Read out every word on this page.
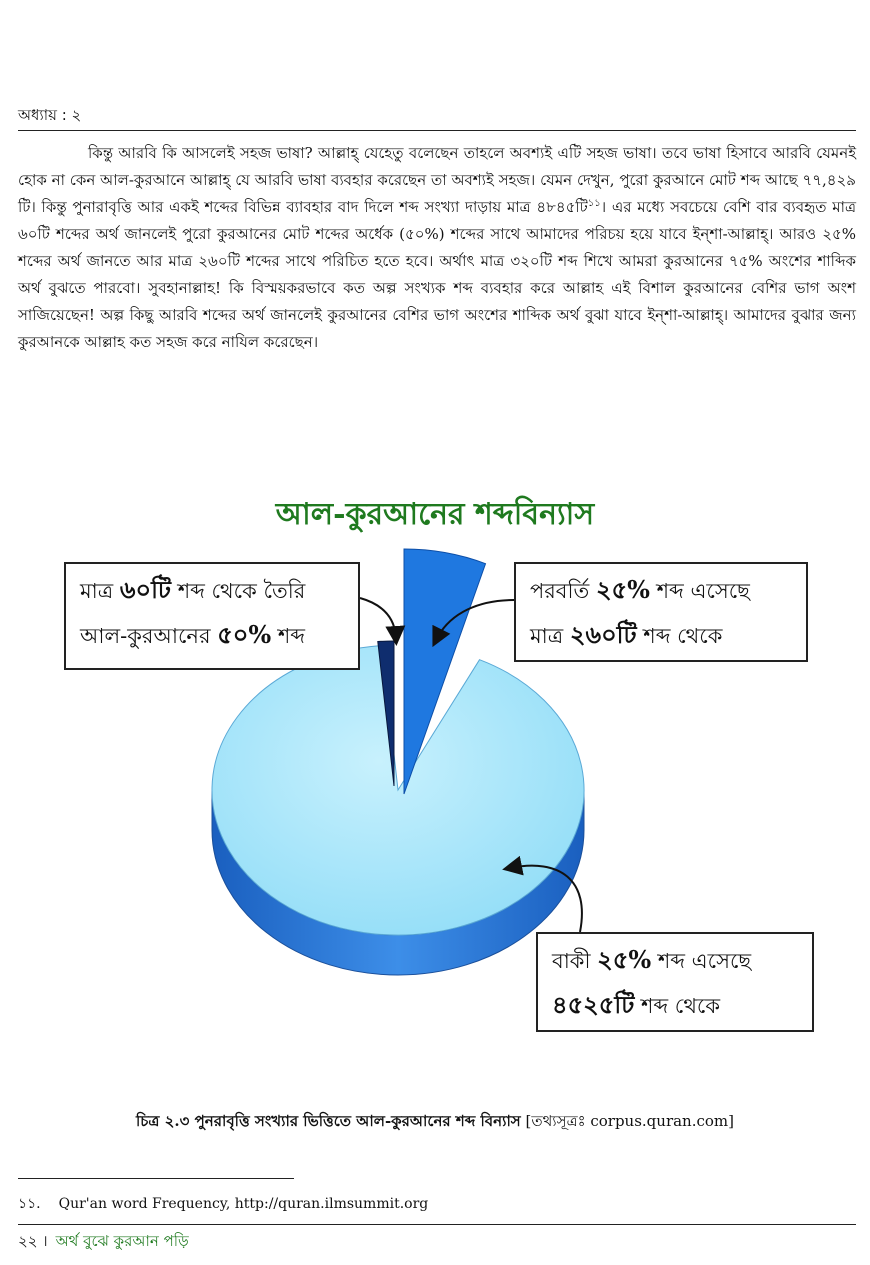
অধ্যায় : ২

কিন্তু আরবি কি আসলেই সহজ ভাষা? আল্লাহ্ যেহেতু বলেছেন তাহলে অবশ্যই এটি সহজ ভাষা। তবে ভাষা হিসাবে আরবি যেমনই হোক না কেন আল-কুরআনে আল্লাহ্ যে আরবি ভাষা ব্যবহার করেছেন তা অবশ্যই সহজ। যেমন দেখুন, পুরো কুরআনে মোট শব্দ আছে ৭৭,৪২৯ টি। কিন্তু পুনারাবৃত্তি আর একই শব্দের বিভিন্ন ব্যাবহার বাদ দিলে শব্দ সংখ্যা দাড়ায় মাত্র ৪৮৪৫টি$^{১১}$। এর মধ্যে সবচেয়ে বেশি বার ব্যবহৃত মাত্র ৬০টি শব্দের অর্থ জানলেই পুরো কুরআনের মোট শব্দের অর্ধেক (৫০%) শব্দের সাথে আমাদের পরিচয় হয়ে যাবে ইন্শা-আল্লাহ্। আরও ২৫% শব্দের অর্থ জানতে আর মাত্র ২৬০টি শব্দের সাথে পরিচিত হতে হবে। অর্থাৎ মাত্র ৩২০টি শব্দ শিখে আমরা কুরআনের ৭৫% অংশের শাব্দিক অর্থ বুঝতে পারবো। সুবহানাল্লাহ! কি বিস্ময়করভাবে কত অল্প সংখ্যক শব্দ ব্যবহার করে আল্লাহ এই বিশাল কুরআনের বেশির ভাগ অংশ সাজিয়েছেন! অল্প কিছু আরবি শব্দের অর্থ জানলেই কুরআনের বেশির ভাগ অংশের শাব্দিক অর্থ বুঝা যাবে ইন্শা-আল্লাহ্। আমাদের বুঝার জন্য কুরআনকে আল্লাহ কত সহজ করে নাযিল করেছেন।

আল-কুরআনের শব্দবিন্যাস
মাত্র ৬০টি শব্দ থেকে তৈরি
আল-কুরআনের ৫০% শব্দ
পরবর্তি ২৫% শব্দ এসেছে
মাত্র ২৬০টি শব্দ থেকে
বাকী ২৫% শব্দ এসেছে
৪৫২৫টি শব্দ থেকে
চিত্র ২.৩ পুনরাবৃত্তি সংখ্যার ভিত্তিতে আল-কুরআনের শব্দ বিন্যাস [তথ্যসূত্রঃ corpus.quran.com]
১১. Qur'an word Frequency, http://quran.ilmsummit.org
২২ । অর্থ বুঝে কুরআন পড়ি
